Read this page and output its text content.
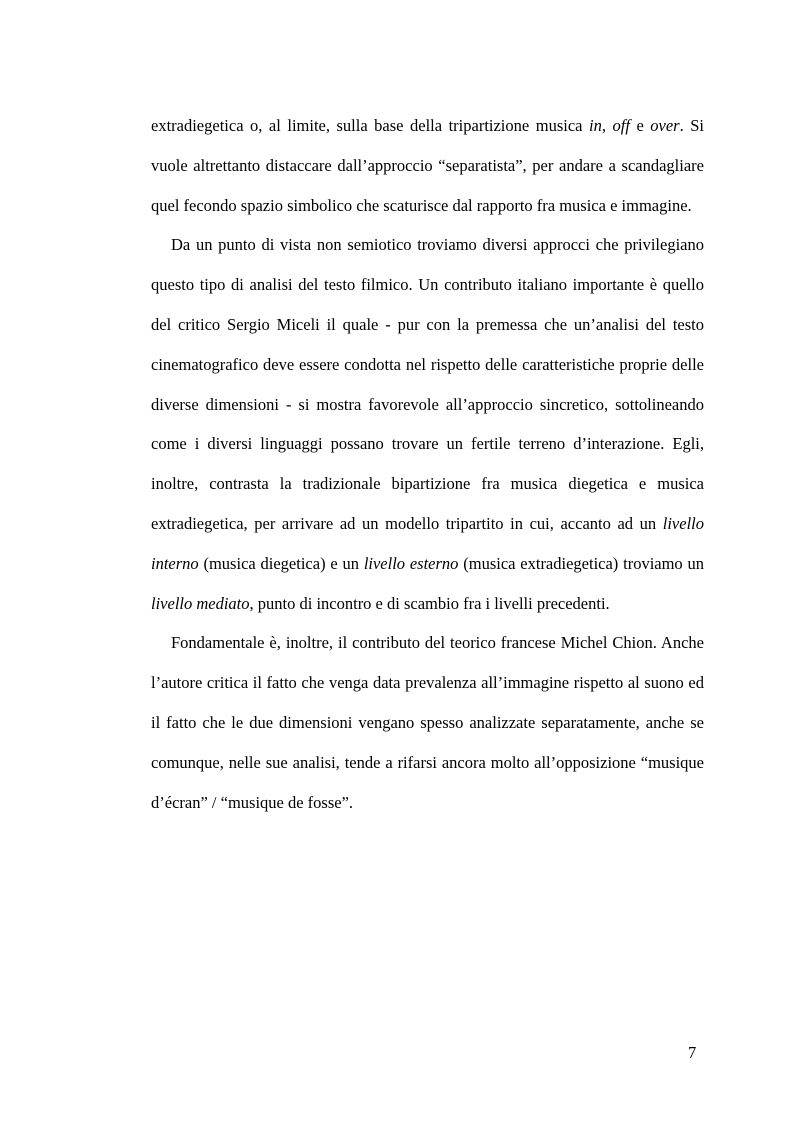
extradiegetica o, al limite, sulla base della tripartizione musica in, off e over. Si vuole altrettanto distaccare dall’approccio “separatista”, per andare a scandagliare quel fecondo spazio simbolico che scaturisce dal rapporto fra musica e immagine.

Da un punto di vista non semiotico troviamo diversi approcci che privilegiano questo tipo di analisi del testo filmico. Un contributo italiano importante è quello del critico Sergio Miceli il quale - pur con la premessa che un’analisi del testo cinematografico deve essere condotta nel rispetto delle caratteristiche proprie delle diverse dimensioni - si mostra favorevole all’approccio sincretico, sottolineando come i diversi linguaggi possano trovare un fertile terreno d’interazione. Egli, inoltre, contrasta la tradizionale bipartizione fra musica diegetica e musica extradiegetica, per arrivare ad un modello tripartito in cui, accanto ad un livello interno (musica diegetica) e un livello esterno (musica extradiegetica) troviamo un livello mediato, punto di incontro e di scambio fra i livelli precedenti.

Fondamentale è, inoltre, il contributo del teorico francese Michel Chion. Anche l’autore critica il fatto che venga data prevalenza all’immagine rispetto al suono ed il fatto che le due dimensioni vengano spesso analizzate separatamente, anche se comunque, nelle sue analisi, tende a rifarsi ancora molto all’opposizione “musique d’écran” / “musique de fosse”.

7
